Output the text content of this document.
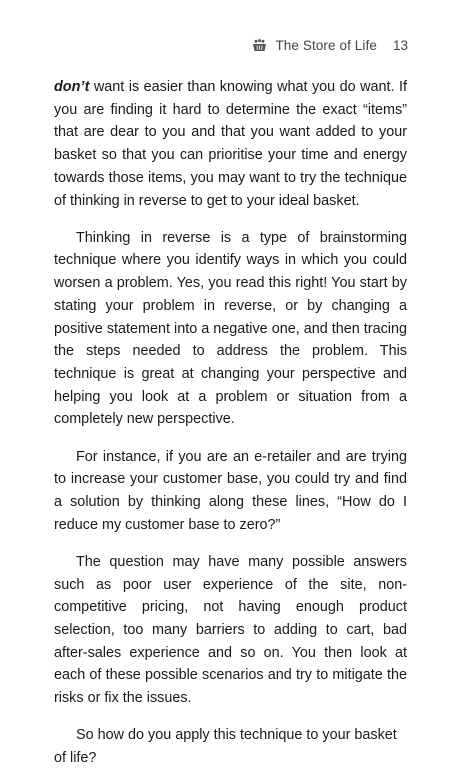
The Store of Life 13

don’t want is easier than knowing what you do want. If you are finding it hard to determine the exact “items” that are dear to you and that you want added to your basket so that you can prioritise your time and energy towards those items, you may want to try the technique of thinking in reverse to get to your ideal basket.

Thinking in reverse is a type of brainstorming technique where you identify ways in which you could worsen a problem. Yes, you read this right! You start by stating your problem in reverse, or by changing a positive statement into a negative one, and then tracing the steps needed to address the problem. This technique is great at changing your perspective and helping you look at a problem or situation from a completely new perspective.

For instance, if you are an e-retailer and are trying to increase your customer base, you could try and find a solution by thinking along these lines, “How do I reduce my customer base to zero?”

The question may have many possible answers such as poor user experience of the site, non-competitive pricing, not having enough product selection, too many barriers to adding to cart, bad after-sales experience and so on. You then look at each of these possible scenarios and try to mitigate the risks or fix the issues.

So how do you apply this technique to your basket of life?
